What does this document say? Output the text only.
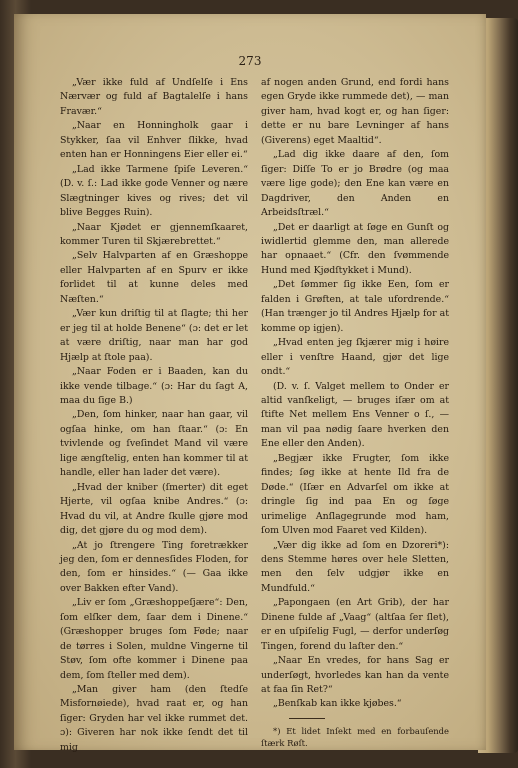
273

„Vær ikke fuld af Undſelſe i Ens Nærvær og fuld af Bagtalelſe i hans Fravær.“

„Naar en Honningholk gaar i Stykker, ſaa vil Enhver ſlikke, hvad enten han er Honningens Eier eller ei.“

„Lad ikke Tarmene ſpiſe Leveren.“ (D. v. ſ.: Lad ikke gode Venner og nære Slægtninger kives og rives; det vil blive Begges Ruin).

„Naar Kjødet er gjennemſkaaret, kommer Turen til Skjærebrettet.“

„Selv Halvparten af en Græshoppe eller Halvparten af en Spurv er ikke forlidet til at kunne deles med Næſten.“

„Vær kun driſtig til at ſlagte; thi her er jeg til at holde Benene“ (ɔ: det er let at være driſtig, naar man har god Hjælp at ſtole paa).

„Naar Foden er i Baaden, kan du ikke vende tilbage.“ (ɔ: Har du ſagt A, maa du ſige B.)

„Den, ſom hinker, naar han gaar, vil ogſaa hinke, om han ſtaar.“ (ɔ: En tvivlende og ſveſindet Mand vil være lige ængſtelig, enten han kommer til at handle, eller han lader det være).

„Hvad der kniber (ſmerter) dit eget Hjerte, vil ogſaa knibe Andres.“ (ɔ: Hvad du vil, at Andre ſkulle gjøre mod dig, det gjøre du og mod dem).

„At jo ſtrengere Ting foretrækker jeg den, ſom er dennesſides Floden, for den, ſom er hinsides.“ (— Gaa ikke over Bakken efter Vand).

„Liv er ſom „Græshoppeſjære“: Den, ſom elſker dem, ſaar dem i Dinene.“ (Græshopper bruges ſom Føde; naar de tørres i Solen, muldne Vingerne til Støv, ſom ofte kommer i Dinene paa dem, ſom ſteller med dem).

„Man giver ham (den ſtedſe Misfornøiede), hvad raat er, og han ſiger: Gryden har vel ikke rummet det. ɔ): Giveren har nok ikke ſendt det til mig

af nogen anden Grund, end fordi hans egen Gryde ikke rummede det), — man giver ham, hvad kogt er, og han ſiger: dette er nu bare Levninger af hans (Giverens) eget Maaltid“.

„Lad dig ikke daare af den, ſom ſiger: Diſſe To er jo Brødre (og maa være lige gode); den Ene kan være en Dagdriver, den Anden en Arbeidsſtræl.“

„Det er daarligt at ſøge en Gunſt og iwidlertid glemme den, man allerede har opnaaet.“ (Cfr. den ſvømmende Hund med Kjødſtykket i Mund).

„Det ſømmer ſig ikke Een, ſom er falden i Grøften, at tale ufordrende.“ (Han trænger jo til Andres Hjælp for at komme op igjen).

„Hvad enten jeg ſkjærer mig i høire eller i venſtre Haand, gjør det lige ondt.“

(D. v. ſ. Valget mellem to Onder er altid vanſkeligt, — bruges iſær om at ſtifte Net mellem Ens Venner o ſ., — man vil paa nødig ſaare hverken den Ene eller den Anden).

„Begjær ikke Frugter, ſom ikke findes; ſøg ikke at hente Ild fra de Døde.“ (Iſær en Advarſel om ikke at dringle ſig ind paa En og ſøge urimelige Anſlagegrunde mod ham, ſom Ulven mod Faaret ved Kilden).

„Vær dig ikke ad ſom en Dzoreri*): dens Stemme høres over hele Sletten, men den ſelv udgjør ikke en Mundfuld.“

„Papongaen (en Art Grib), der har Dinene fulde af „Vaag“ (altſaa ſer ſlet), er en uſpiſelig Fugl, — derfor underſøg Tingen, forend du laſter den.“

„Naar En vredes, for hans Sag er underſøgt, hvorledes kan han da vente at faa ſin Ret?“

„Benſkab kan ikke kjøbes.“

*) Et lidet Inſekt med en forbauſende ſtærk Røſt.
